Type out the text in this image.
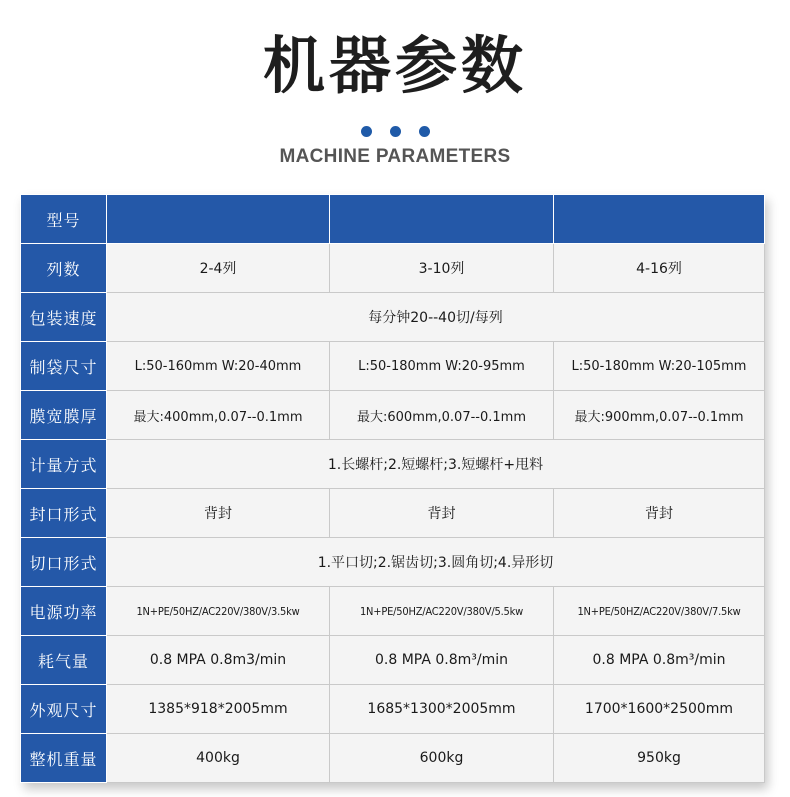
机器参数
MACHINE PARAMETERS
型号			
列数	2-4列	3-10列	4-16列
包装速度	每分钟20--40切/每列		
制袋尺寸	L:50-160mm W:20-40mm	L:50-180mm W:20-95mm	L:50-180mm W:20-105mm
膜宽膜厚	最大:400mm,0.07--0.1mm	最大:600mm,0.07--0.1mm	最大:900mm,0.07--0.1mm
计量方式	1.长螺杆;2.短螺杆;3.短螺杆+甩料		
封口形式	背封	背封	背封
切口形式	1.平口切;2.锯齿切;3.圆角切;4.异形切		
电源功率	1N+PE/50HZ/AC220V/380V/3.5kw	1N+PE/50HZ/AC220V/380V/5.5kw	1N+PE/50HZ/AC220V/380V/7.5kw
耗气量	0.8 MPA 0.8m3/min	0.8 MPA 0.8m³/min	0.8 MPA 0.8m³/min
外观尺寸	1385*918*2005mm	1685*1300*2005mm	1700*1600*2500mm
整机重量	400kg	600kg	950kg
